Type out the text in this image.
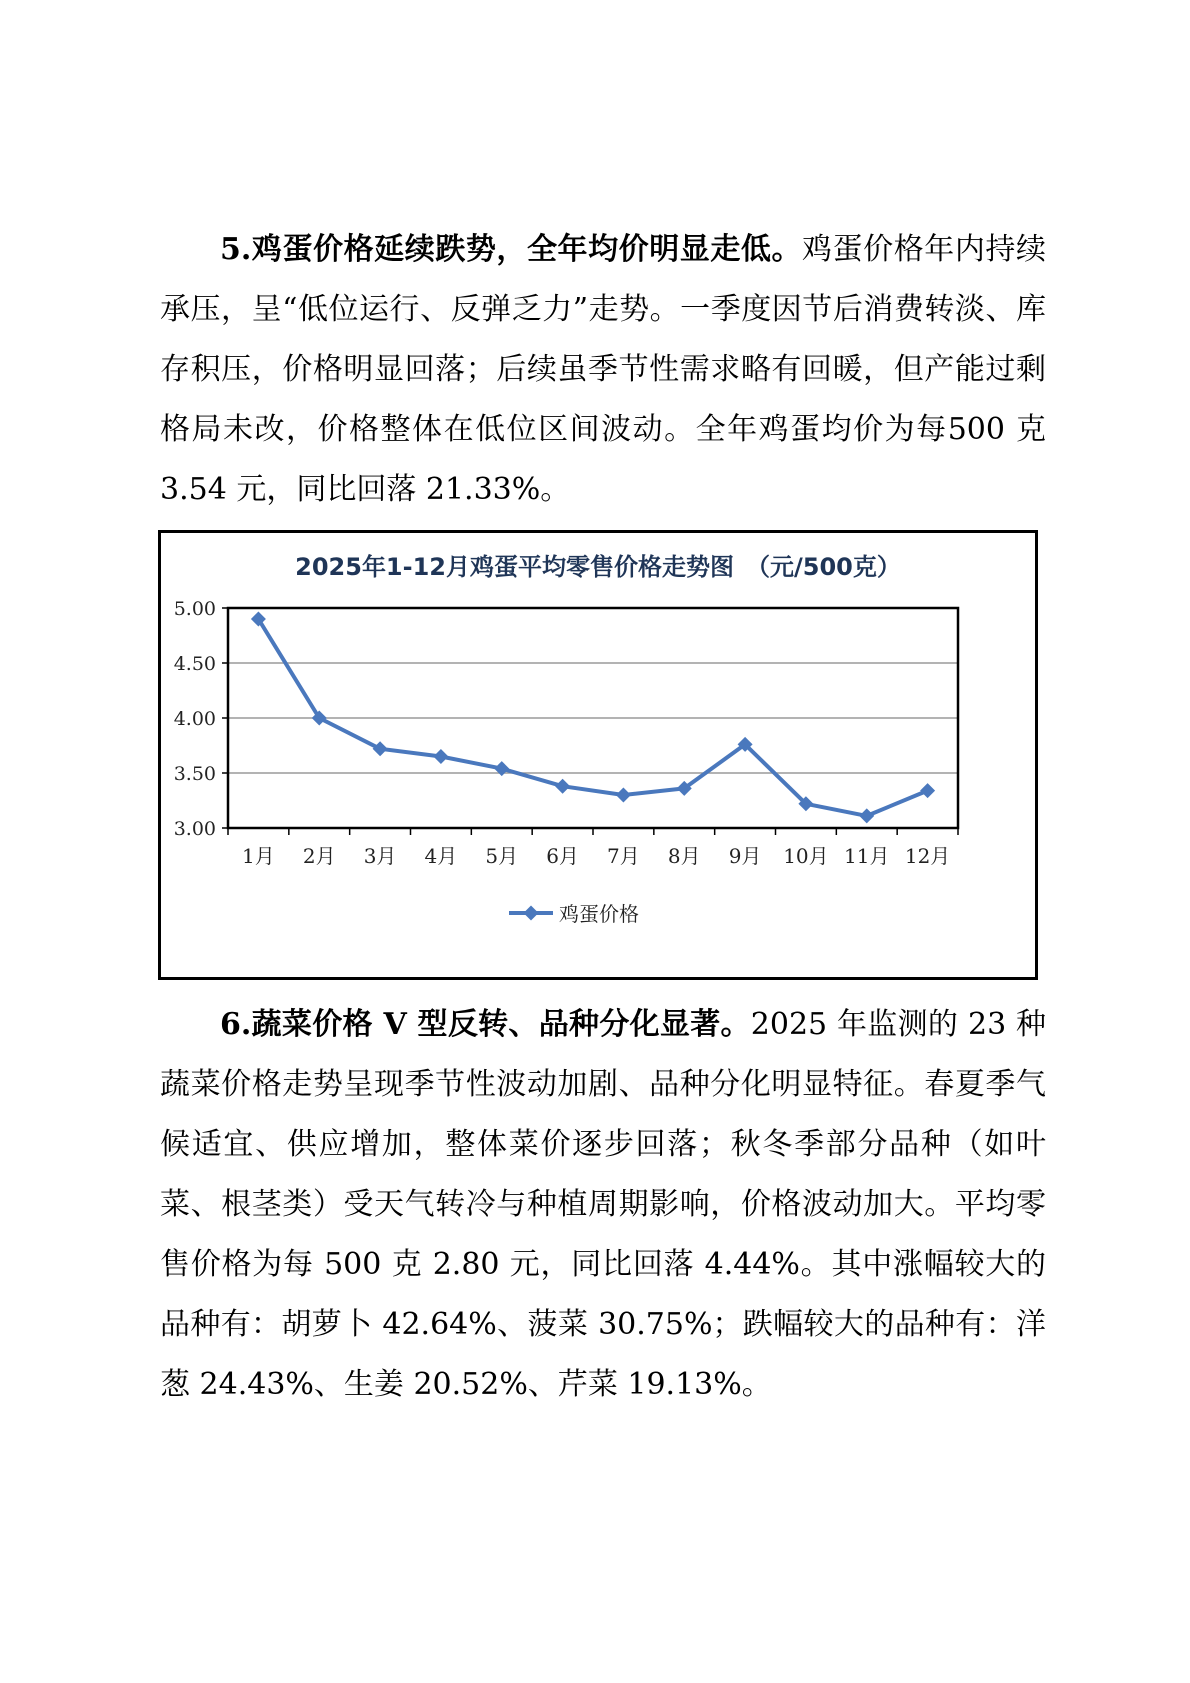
5.鸡蛋价格延续跌势，全年均价明显走低。鸡蛋价格年内持续承压，呈“低位运行、反弹乏力”走势。一季度因节后消费转淡、库存积压，价格明显回落；后续虽季节性需求略有回暖，但产能过剩格局未改，价格整体在低位区间波动。全年鸡蛋均价为每500 克 3.54 元，同比回落 21.33%。

2025年1-12月鸡蛋平均零售价格走势图　（元/500克）
5.00
4.50
4.00
3.50
3.00
1月 2月 3月 4月 5月 6月 7月 8月 9月 10月 11月 12月
鸡蛋价格

6.蔬菜价格 V 型反转、品种分化显著。2025 年监测的 23 种蔬菜价格走势呈现季节性波动加剧、品种分化明显特征。春夏季气候适宜、供应增加，整体菜价逐步回落；秋冬季部分品种（如叶菜、根茎类）受天气转冷与种植周期影响，价格波动加大。平均零售价格为每 500 克 2.80 元，同比回落 4.44%。其中涨幅较大的品种有：胡萝卜 42.64%、菠菜 30.75%；跌幅较大的品种有：洋葱 24.43%、生姜 20.52%、芹菜 19.13%。
